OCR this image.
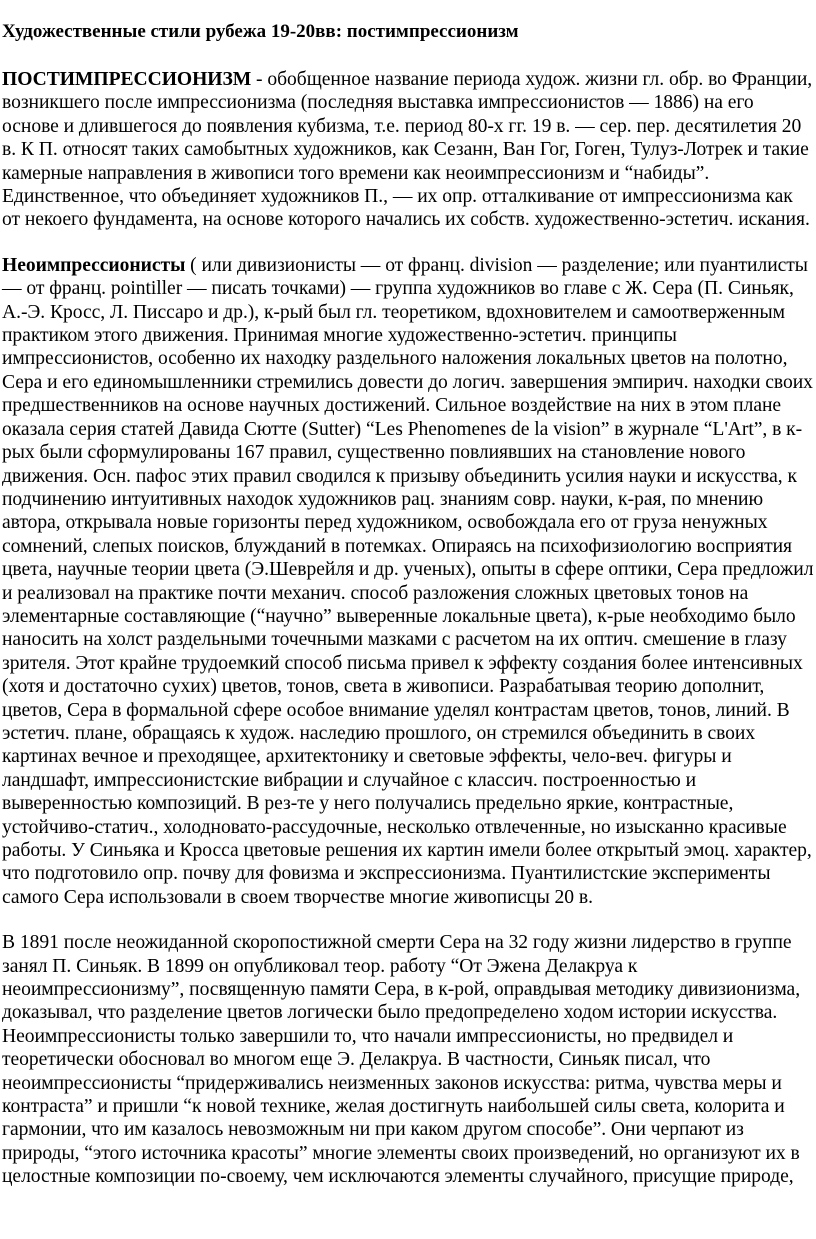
Художественные стили рубежа 19-20вв: постимпрессионизм

ПОСТИМПРЕССИОНИЗМ - обобщенное название периода худож. жизни гл. обр. во Франции, возникшего после импрессионизма (последняя выставка импрессионистов — 1886) на его основе и длившегося до появления кубизма, т.е. период 80-х гг. 19 в. — сер. пер. десятилетия 20 в. К П. относят таких самобытных художников, как Сезанн, Ван Гог, Гоген, Тулуз-Лотрек и такие камерные направления в живописи того времени как неоимпрессионизм и “набиды”. Единственное, что объединяет художников П., — их опр. отталкивание от импрессионизма как от некоего фундамента, на основе которого начались их собств. художественно-эстетич. искания.

Неоимпрессионисты ( или дивизионисты — от франц. division — разделение; или пуантилисты — от франц. pointiller — писать точками) — группа художников во главе с Ж. Сера (П. Синьяк, А.-Э. Кросс, Л. Писсаро и др.), к-рый был гл. теоретиком, вдохновителем и самоотверженным практиком этого движения. Принимая многие художественно-эстетич. принципы импрессионистов, особенно их находку раздельного наложения локальных цветов на полотно, Сера и его единомышленники стремились довести до логич. завершения эмпирич. находки своих предшественников на основе научных достижений. Сильное воздействие на них в этом плане оказала серия статей Давида Сютте (Sutter) “Les Phenomenes de la vision” в журнале “L'Art”, в к-рых были сформулированы 167 правил, существенно повлиявших на становление нового движения. Осн. пафос этих правил сводился к призыву объединить усилия науки и искусства, к подчинению интуитивных находок художников рац. знаниям совр. науки, к-рая, по мнению автора, открывала новые горизонты перед художником, освобождала его от груза ненужных сомнений, слепых поисков, блужданий в потемках. Опираясь на психофизиологию восприятия цвета, научные теории цвета (Э.Шеврейля и др. ученых), опыты в сфере оптики, Сера предложил и реализовал на практике почти механич. способ разложения сложных цветовых тонов на элементарные составляющие (“научно” выверенные локальные цвета), к-рые необходимо было наносить на холст раздельными точечными мазками с расчетом на их оптич. смешение в глазу зрителя. Этот крайне трудоемкий способ письма привел к эффекту создания более интенсивных (хотя и достаточно сухих) цветов, тонов, света в живописи. Разрабатывая теорию дополнит, цветов, Сера в формальной сфере особое внимание уделял контрастам цветов, тонов, линий. В эстетич. плане, обращаясь к худож. наследию прошлого, он стремился объединить в своих картинах вечное и преходящее, архитектонику и световые эффекты, чело-веч. фигуры и ландшафт, импрессионистские вибрации и случайное с классич. построенностью и выверенностью композиций. В рез-те у него получались предельно яркие, контрастные, устойчиво-статич., холодновато-рассудочные, несколько отвлеченные, но изысканно красивые работы. У Синьяка и Кросса цветовые решения их картин имели более открытый эмоц. характер, что подготовило опр. почву для фовизма и экспрессионизма. Пуантилистские эксперименты самого Сера использовали в своем творчестве многие живописцы 20 в.

В 1891 после неожиданной скоропостижной смерти Сера на 32 году жизни лидерство в группе занял П. Синьяк. В 1899 он опубликовал теор. работу “От Эжена Делакруа к неоимпрессионизму”, посвященную памяти Сера, в к-рой, оправдывая методику дивизионизма, доказывал, что разделение цветов логически было предопределено ходом истории искусства. Неоимпрессионисты только завершили то, что начали импрессионисты, но предвидел и теоретически обосновал во многом еще Э. Делакруа. В частности, Синьяк писал, что неоимпрессионисты “придерживались неизменных законов искусства: ритма, чувства меры и контраста” и пришли “к новой технике, желая достигнуть наибольшей силы света, колорита и гармонии, что им казалось невозможным ни при каком другом способе”. Они черпают из природы, “этого источника красоты” многие элементы своих произведений, но организуют их в целостные композиции по-своему, чем исключаются элементы случайного, присущие природе,
